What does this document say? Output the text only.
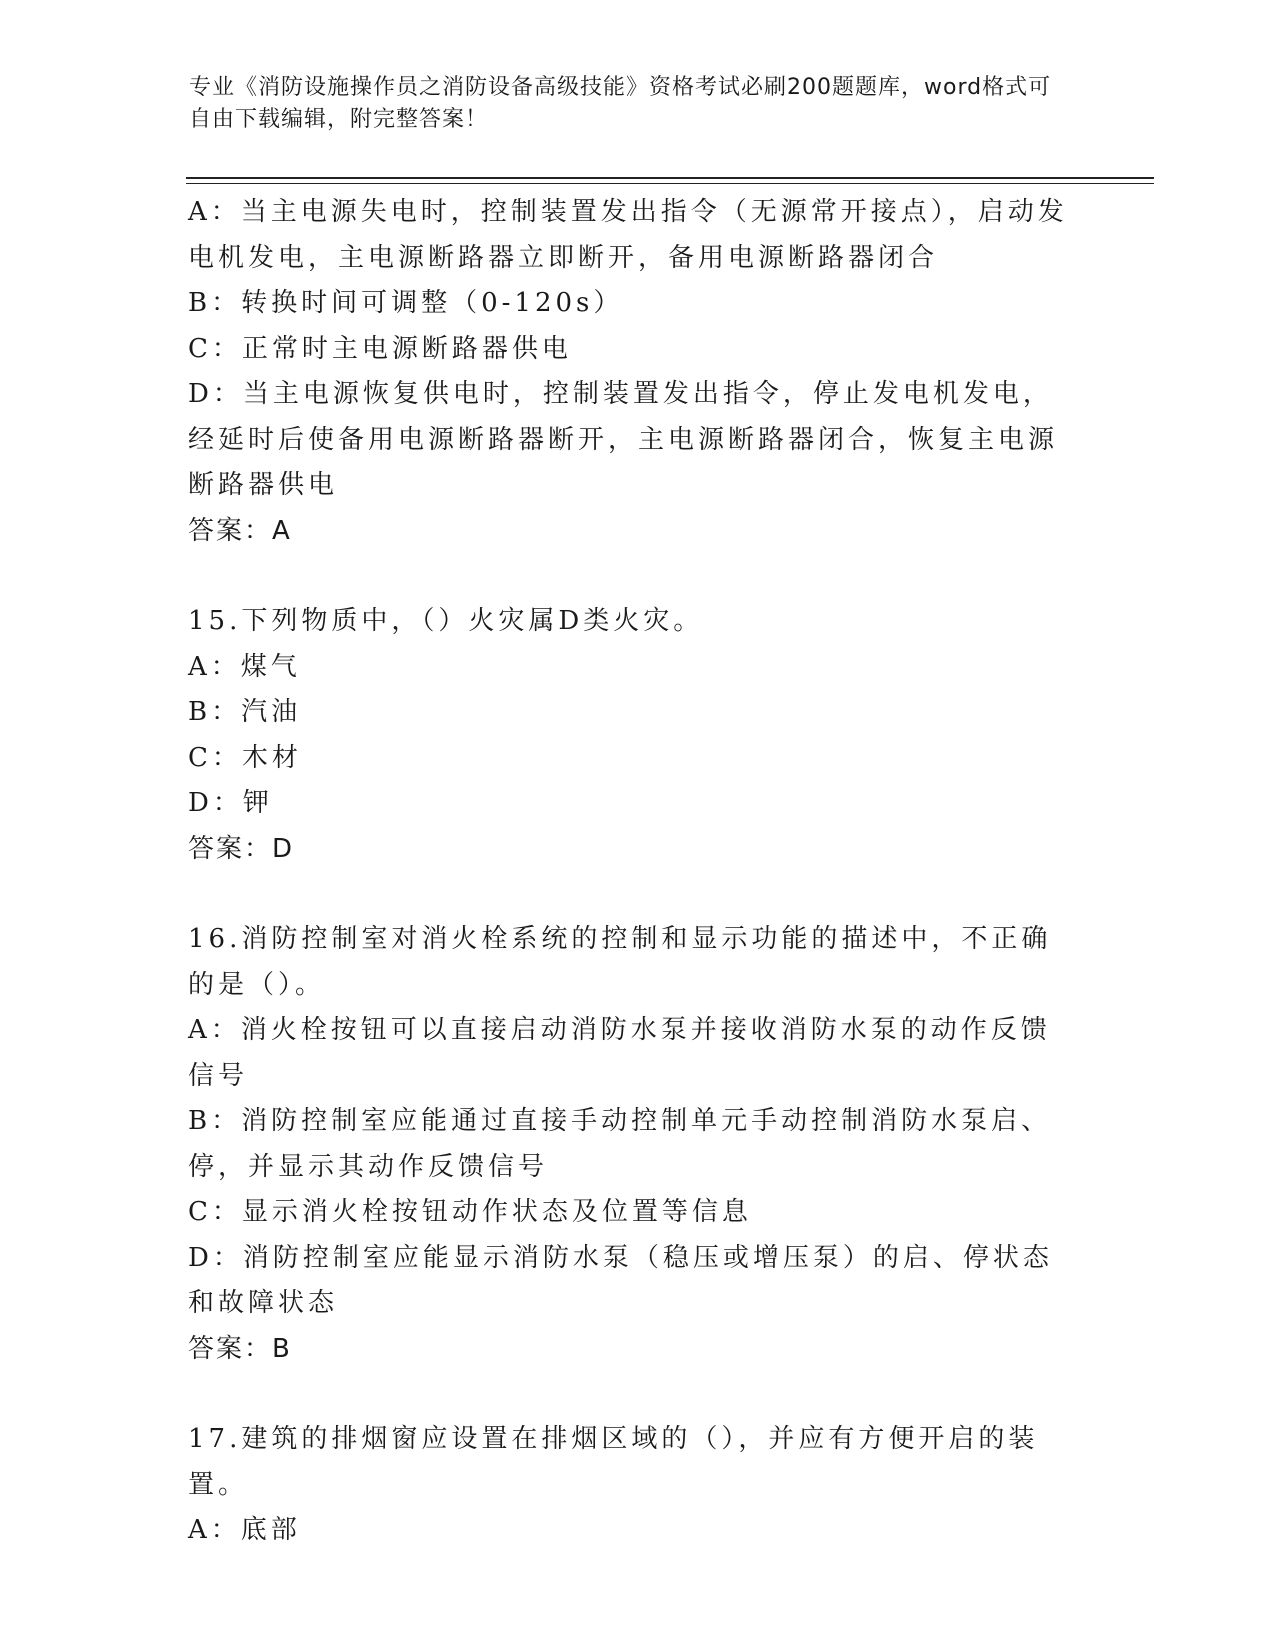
专业《消防设施操作员之消防设备高级技能》资格考试必刷200题题库，word格式可自由下载编辑，附完整答案！

A：当主电源失电时，控制装置发出指令（无源常开接点），启动发电机发电，主电源断路器立即断开，备用电源断路器闭合

B：转换时间可调整（0-120s）

C：正常时主电源断路器供电

D：当主电源恢复供电时，控制装置发出指令，停止发电机发电，经延时后使备用电源断路器断开，主电源断路器闭合，恢复主电源断路器供电

答案：A

15.下列物质中，（）火灾属D类火灾。

A：煤气

B：汽油

C：木材

D：钾

答案：D

16.消防控制室对消火栓系统的控制和显示功能的描述中，不正确的是（）。

A：消火栓按钮可以直接启动消防水泵并接收消防水泵的动作反馈信号

B：消防控制室应能通过直接手动控制单元手动控制消防水泵启、停，并显示其动作反馈信号

C：显示消火栓按钮动作状态及位置等信息

D：消防控制室应能显示消防水泵（稳压或增压泵）的启、停状态和故障状态

答案：B

17.建筑的排烟窗应设置在排烟区域的（），并应有方便开启的装置。

A：底部
